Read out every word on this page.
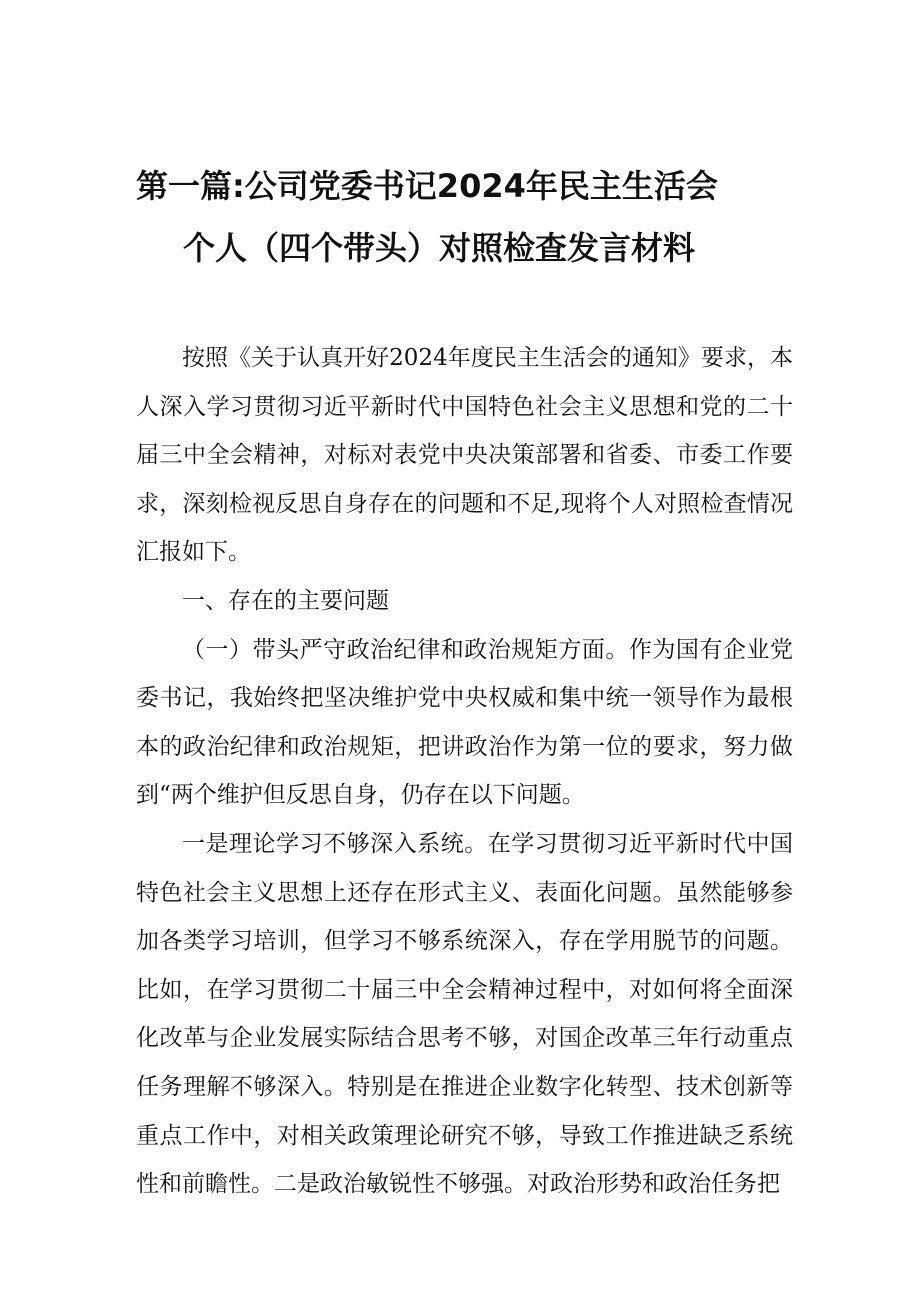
第一篇:公司党委书记2024年民主生活会
个人（四个带头）对照检查发言材料

按照《关于认真开好2024年度民主生活会的通知》要求，本人深入学习贯彻习近平新时代中国特色社会主义思想和党的二十届三中全会精神，对标对表党中央决策部署和省委、市委工作要求，深刻检视反思自身存在的问题和不足,现将个人对照检查情况汇报如下。

一、存在的主要问题

（一）带头严守政治纪律和政治规矩方面。作为国有企业党委书记，我始终把坚决维护党中央权威和集中统一领导作为最根本的政治纪律和政治规矩，把讲政治作为第一位的要求，努力做到“两个维护但反思自身，仍存在以下问题。

一是理论学习不够深入系统。在学习贯彻习近平新时代中国特色社会主义思想上还存在形式主义、表面化问题。虽然能够参加各类学习培训，但学习不够系统深入，存在学用脱节的问题。比如，在学习贯彻二十届三中全会精神过程中，对如何将全面深化改革与企业发展实际结合思考不够，对国企改革三年行动重点任务理解不够深入。特别是在推进企业数字化转型、技术创新等重点工作中，对相关政策理论研究不够，导致工作推进缺乏系统性和前瞻性。二是政治敏锐性不够强。对政治形势和政治任务把
